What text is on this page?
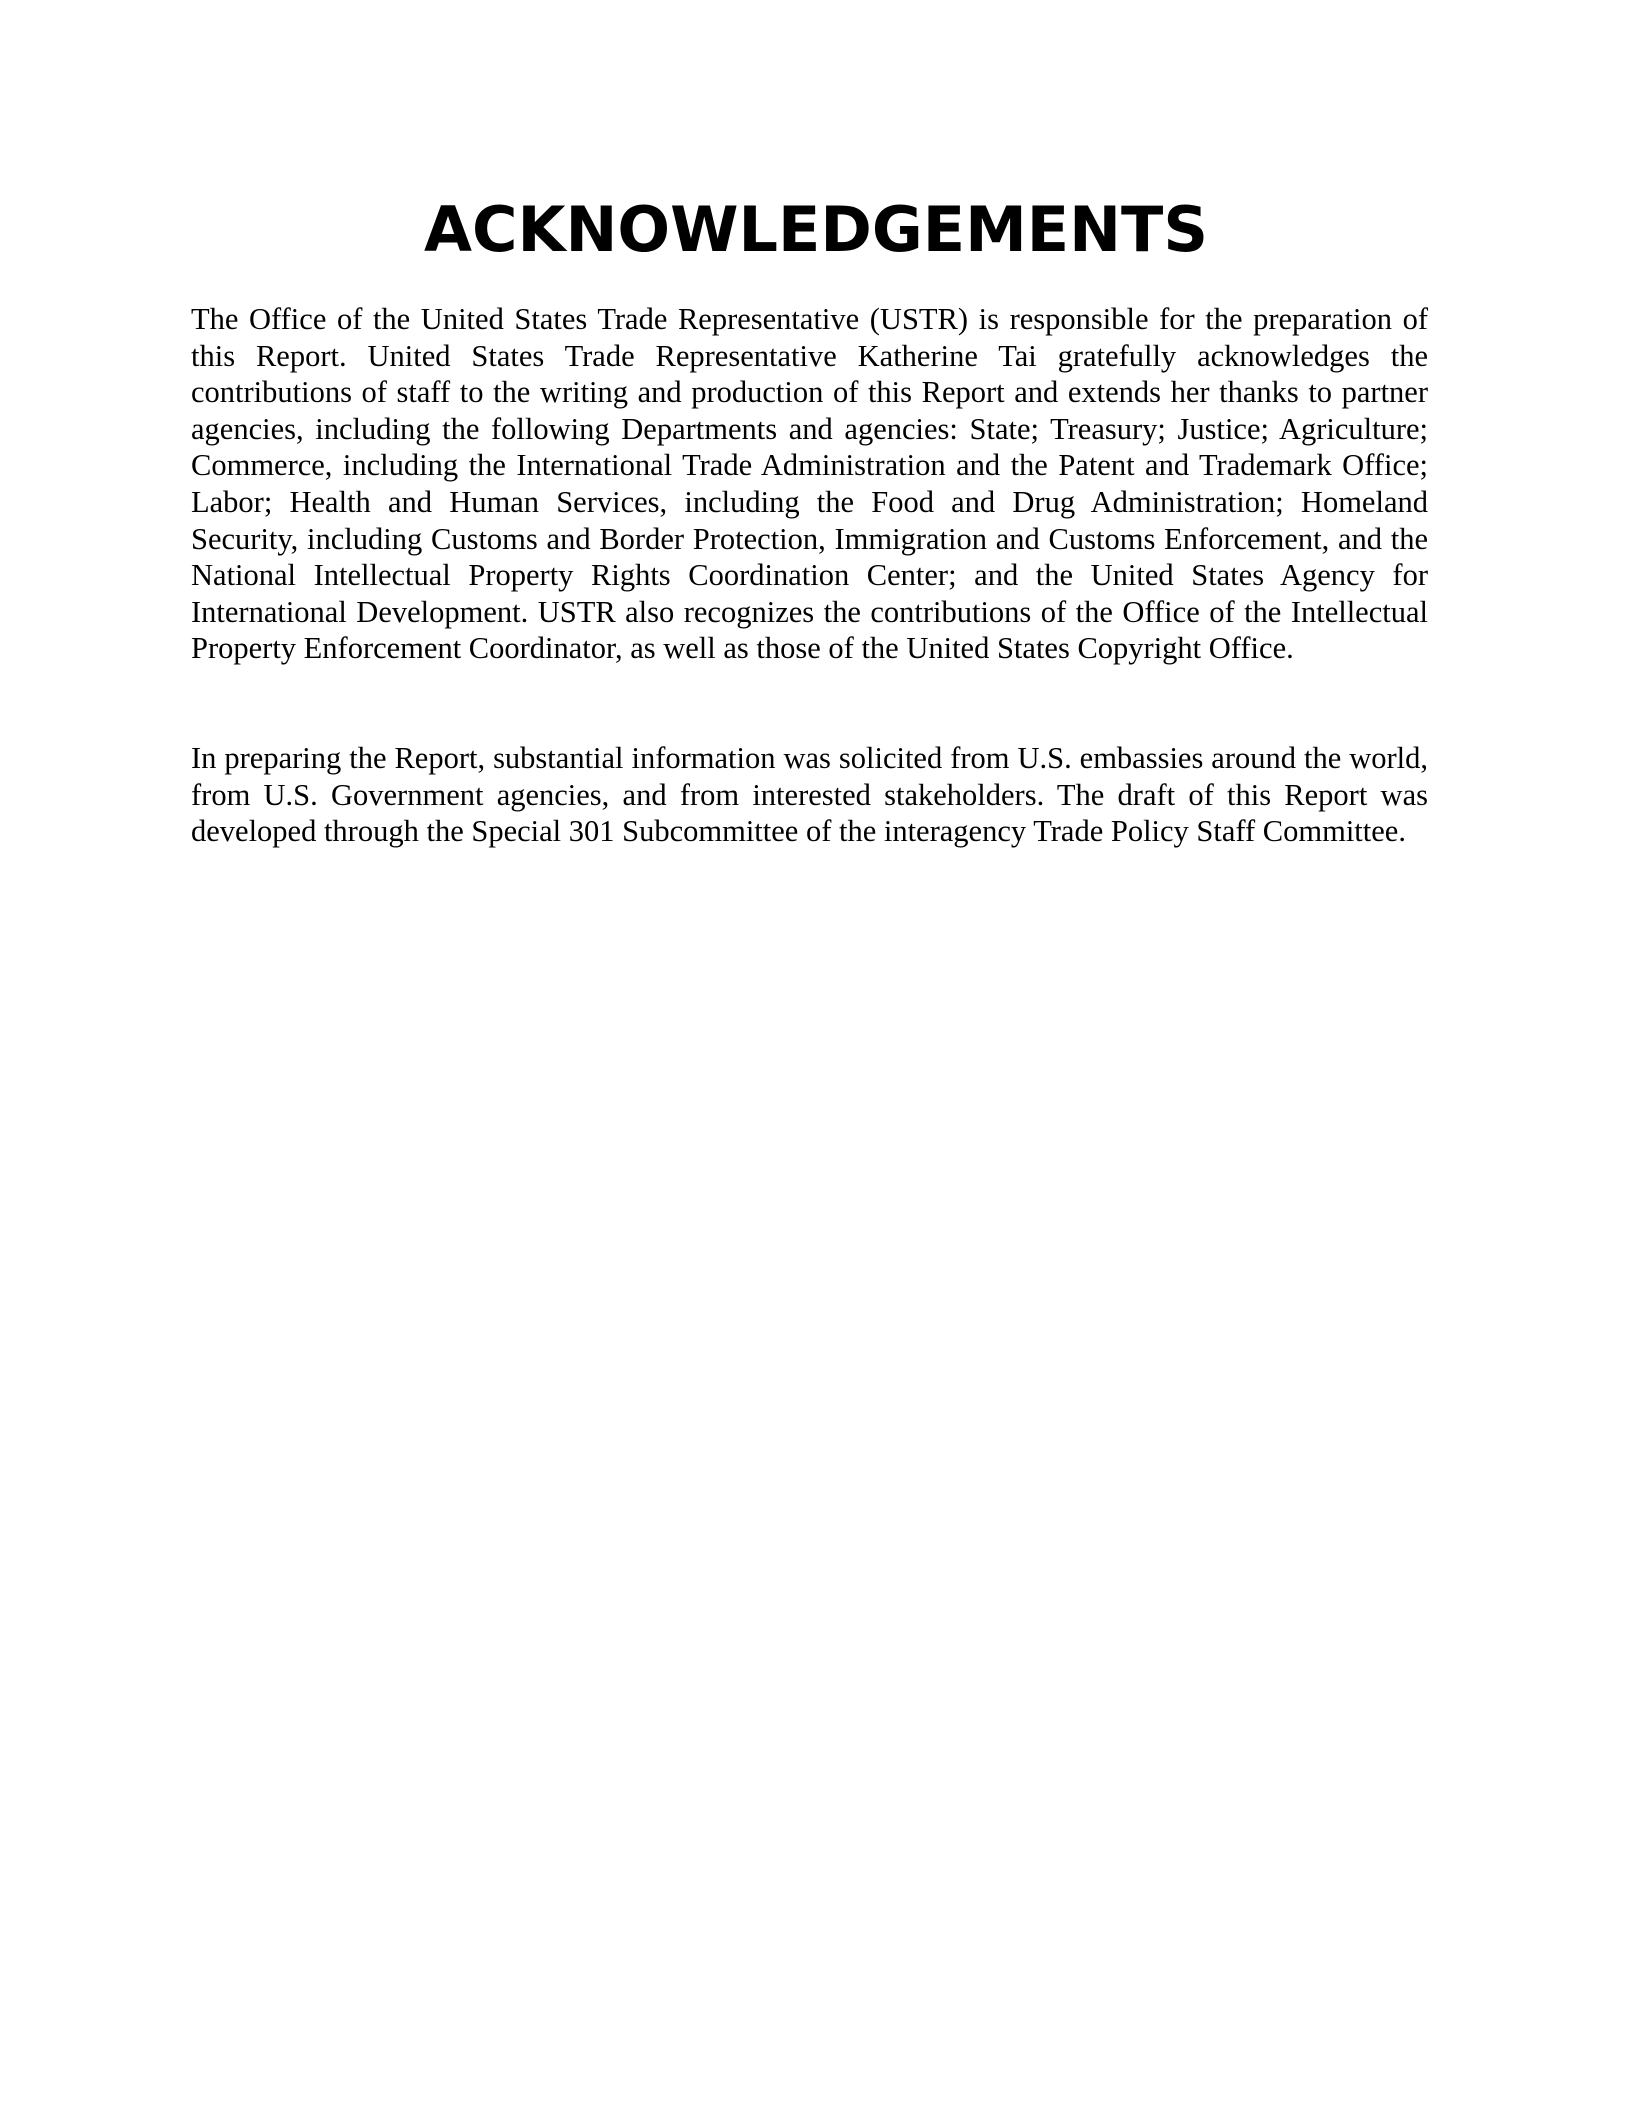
ACKNOWLEDGEMENTS

The Office of the United States Trade Representative (USTR) is responsible for the preparation of this Report. United States Trade Representative Katherine Tai gratefully acknowledges the contributions of staff to the writing and production of this Report and extends her thanks to partner agencies, including the following Departments and agencies: State; Treasury; Justice; Agriculture; Commerce, including the International Trade Administration and the Patent and Trademark Office; Labor; Health and Human Services, including the Food and Drug Administration; Homeland Security, including Customs and Border Protection, Immigration and Customs Enforcement, and the National Intellectual Property Rights Coordination Center; and the United States Agency for International Development. USTR also recognizes the contributions of the Office of the Intellectual Property Enforcement Coordinator, as well as those of the United States Copyright Office.

In preparing the Report, substantial information was solicited from U.S. embassies around the world, from U.S. Government agencies, and from interested stakeholders. The draft of this Report was developed through the Special 301 Subcommittee of the interagency Trade Policy Staff Committee.
